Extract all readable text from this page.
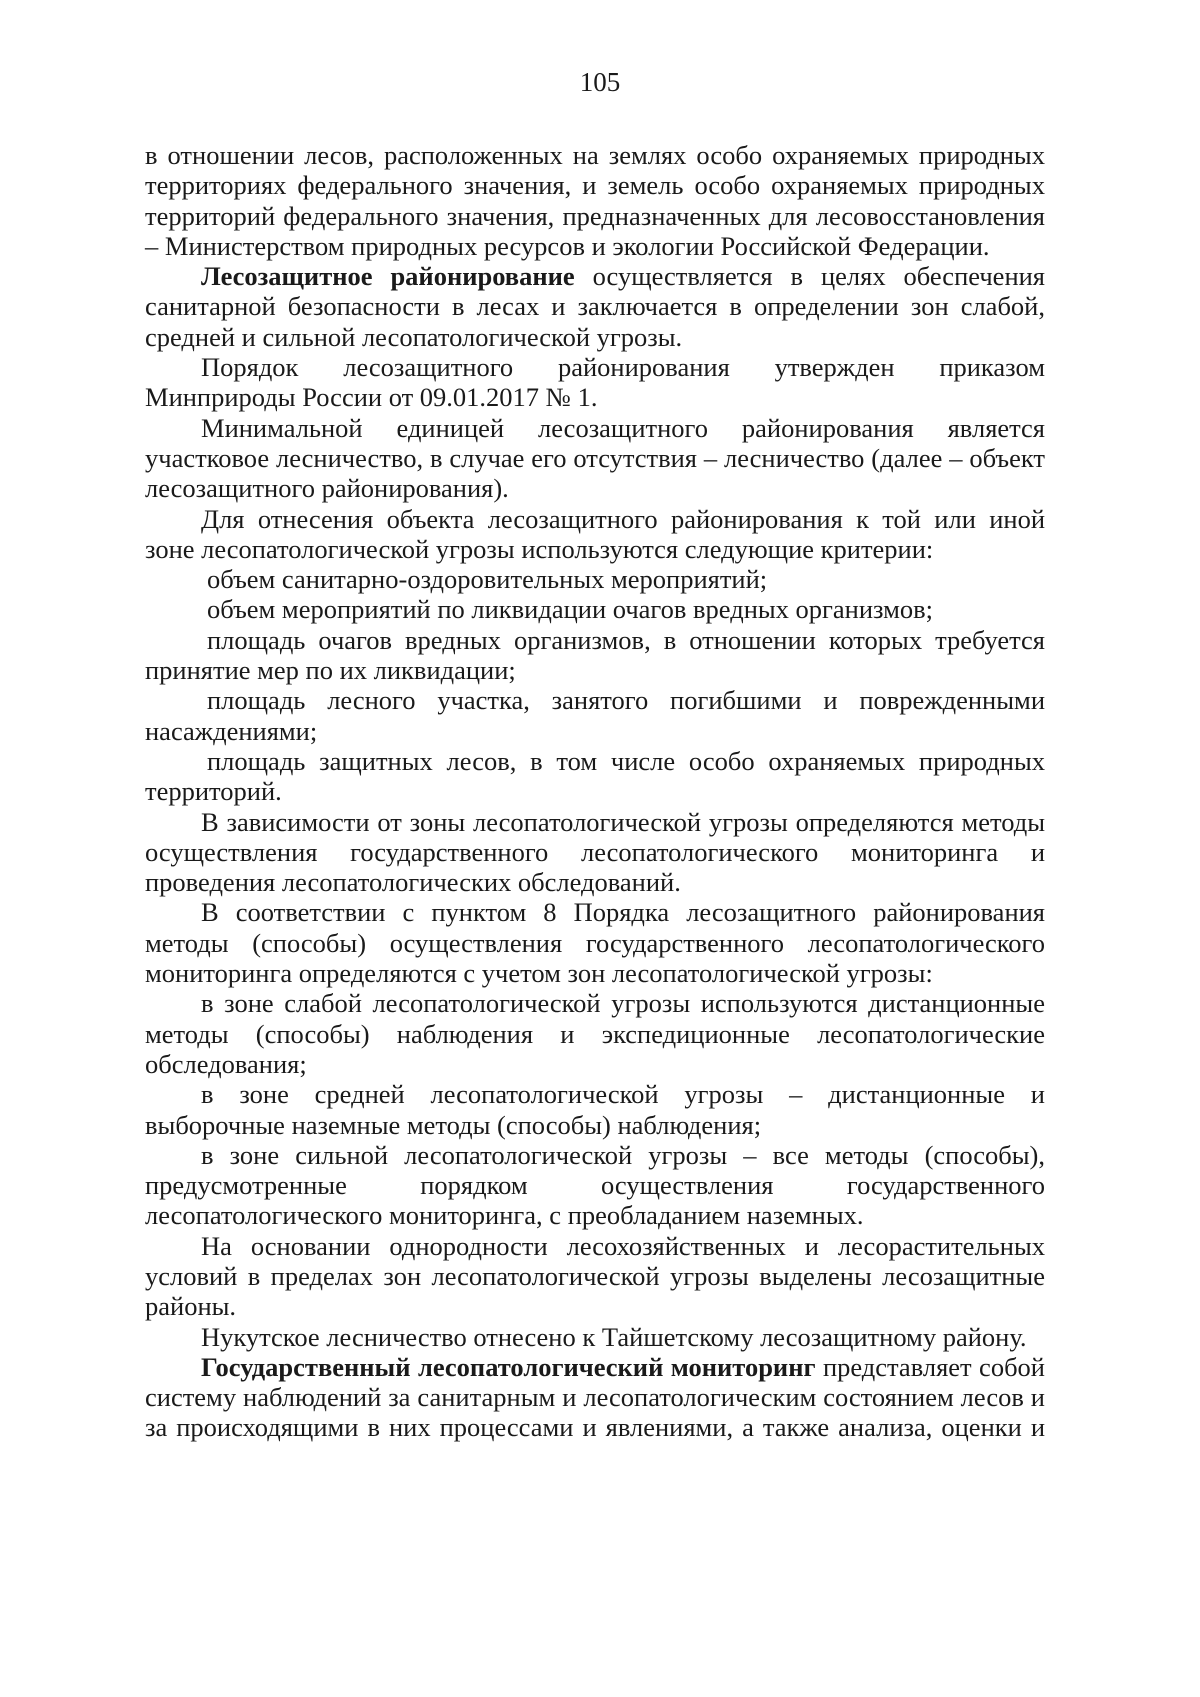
105

в отношении лесов, расположенных на землях особо охраняемых природных территориях федерального значения, и земель особо охраняемых природных территорий федерального значения, предназначенных для лесовосстановления – Министерством природных ресурсов и экологии Российской Федерации.

Лесозащитное районирование осуществляется в целях обеспечения санитарной безопасности в лесах и заключается в определении зон слабой, средней и сильной лесопатологической угрозы.

Порядок лесозащитного районирования утвержден приказом Минприроды России от 09.01.2017 № 1.

Минимальной единицей лесозащитного районирования является участковое лесничество, в случае его отсутствия – лесничество (далее – объект лесозащитного районирования).

Для отнесения объекта лесозащитного районирования к той или иной зоне лесопатологической угрозы используются следующие критерии:

объем санитарно-оздоровительных мероприятий;

объем мероприятий по ликвидации очагов вредных организмов;

площадь очагов вредных организмов, в отношении которых требуется принятие мер по их ликвидации;

площадь лесного участка, занятого погибшими и поврежденными насаждениями;

площадь защитных лесов, в том числе особо охраняемых природных территорий.

В зависимости от зоны лесопатологической угрозы определяются методы осуществления государственного лесопатологического мониторинга и проведения лесопатологических обследований.

В соответствии с пунктом 8 Порядка лесозащитного районирования методы (способы) осуществления государственного лесопатологического мониторинга определяются с учетом зон лесопатологической угрозы:

в зоне слабой лесопатологической угрозы используются дистанционные методы (способы) наблюдения и экспедиционные лесопатологические обследования;

в зоне средней лесопатологической угрозы – дистанционные и выборочные наземные методы (способы) наблюдения;

в зоне сильной лесопатологической угрозы – все методы (способы), предусмотренные порядком осуществления государственного лесопатологического мониторинга, с преобладанием наземных.

На основании однородности лесохозяйственных и лесорастительных условий в пределах зон лесопатологической угрозы выделены лесозащитные районы.

Нукутское лесничество отнесено к Тайшетскому лесозащитному району.

Государственный лесопатологический мониторинг представляет собой систему наблюдений за санитарным и лесопатологическим состоянием лесов и за происходящими в них процессами и явлениями, а также анализа, оценки и
